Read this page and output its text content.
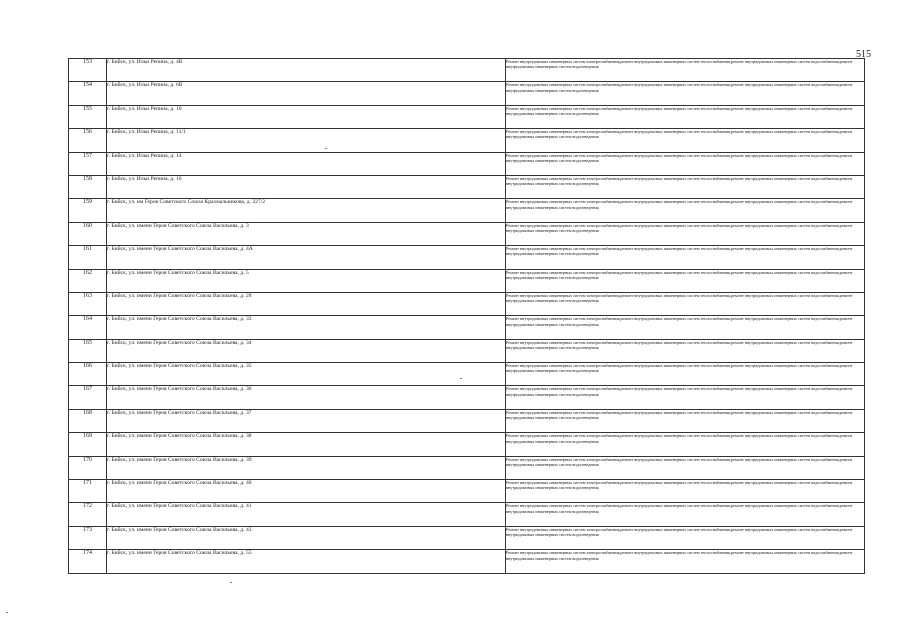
515
153	г. Бийск, ул. Ильи Репина, д. 4В	Ремонт внутридомовых инженерных систем электроснабжения,ремонт внутридомовых инженерных систем теплоснабжения,ремонт внутридомовых инженерных систем водоснабжения,ремонт внутридомовых инженерных систем водоотведения
154	г. Бийск, ул. Ильи Репина, д. 6В	Ремонт внутридомовых инженерных систем электроснабжения,ремонт внутридомовых инженерных систем теплоснабжения,ремонт внутридомовых инженерных систем водоснабжения,ремонт внутридомовых инженерных систем водоотведения
155	г. Бийск, ул. Ильи Репина, д. 10	Ремонт внутридомовых инженерных систем электроснабжения,ремонт внутридомовых инженерных систем теплоснабжения,ремонт внутридомовых инженерных систем водоснабжения,ремонт внутридомовых инженерных систем водоотведения
156	г. Бийск, ул. Ильи Репина, д. 11/1	Ремонт внутридомовых инженерных систем электроснабжения,ремонт внутридомовых инженерных систем теплоснабжения,ремонт внутридомовых инженерных систем водоснабжения,ремонт внутридомовых инженерных систем водоотведения
157	г. Бийск, ул. Ильи Репина, д. 14	Ремонт внутридомовых инженерных систем электроснабжения,ремонт внутридомовых инженерных систем теплоснабжения,ремонт внутридомовых инженерных систем водоснабжения,ремонт внутридомовых инженерных систем водоотведения
158	г. Бийск, ул. Ильи Репина, д. 16	Ремонт внутридомовых инженерных систем электроснабжения,ремонт внутридомовых инженерных систем теплоснабжения,ремонт внутридомовых инженерных систем водоснабжения,ремонт внутридомовых инженерных систем водоотведения
159	г. Бийск, ул. им Героя Советского Союза Крахмальникова, д. 227/2	Ремонт внутридомовых инженерных систем электроснабжения,ремонт внутридомовых инженерных систем теплоснабжения,ремонт внутридомовых инженерных систем водоснабжения,ремонт внутридомовых инженерных систем водоотведения
160	г. Бийск, ул. имени Героя Советского Союза Васильева, д. 3	Ремонт внутридомовых инженерных систем электроснабжения,ремонт внутридомовых инженерных систем теплоснабжения,ремонт внутридомовых инженерных систем водоснабжения,ремонт внутридомовых инженерных систем водоотведения
161	г. Бийск, ул. имени Героя Советского Союза Васильева, д. 4А	Ремонт внутридомовых инженерных систем электроснабжения,ремонт внутридомовых инженерных систем теплоснабжения,ремонт внутридомовых инженерных систем водоснабжения,ремонт внутридомовых инженерных систем водоотведения
162	г. Бийск, ул. имени Героя Советского Союза Васильева, д. 5	Ремонт внутридомовых инженерных систем электроснабжения,ремонт внутридомовых инженерных систем теплоснабжения,ремонт внутридомовых инженерных систем водоснабжения,ремонт внутридомовых инженерных систем водоотведения
163	г. Бийск, ул. имени Героя Советского Союза Васильева, д. 28	Ремонт внутридомовых инженерных систем электроснабжения,ремонт внутридомовых инженерных систем теплоснабжения,ремонт внутридомовых инженерных систем водоснабжения,ремонт внутридомовых инженерных систем водоотведения
164	г. Бийск, ул. имени Героя Советского Союза Васильева, д. 33	Ремонт внутридомовых инженерных систем электроснабжения,ремонт внутридомовых инженерных систем теплоснабжения,ремонт внутридомовых инженерных систем водоснабжения,ремонт внутридомовых инженерных систем водоотведения
165	г. Бийск, ул. имени Героя Советского Союза Васильева, д. 34	Ремонт внутридомовых инженерных систем электроснабжения,ремонт внутридомовых инженерных систем теплоснабжения,ремонт внутридомовых инженерных систем водоснабжения,ремонт внутридомовых инженерных систем водоотведения
166	г. Бийск, ул. имени Героя Советского Союза Васильева, д. 35	Ремонт внутридомовых инженерных систем электроснабжения,ремонт внутридомовых инженерных систем теплоснабжения,ремонт внутридомовых инженерных систем водоснабжения,ремонт внутридомовых инженерных систем водоотведения
167	г. Бийск, ул. имени Героя Советского Союза Васильева, д. 36	Ремонт внутридомовых инженерных систем электроснабжения,ремонт внутридомовых инженерных систем теплоснабжения,ремонт внутридомовых инженерных систем водоснабжения,ремонт внутридомовых инженерных систем водоотведения
168	г. Бийск, ул. имени Героя Советского Союза Васильева, д. 37	Ремонт внутридомовых инженерных систем электроснабжения,ремонт внутридомовых инженерных систем теплоснабжения,ремонт внутридомовых инженерных систем водоснабжения,ремонт внутридомовых инженерных систем водоотведения
169	г. Бийск, ул. имени Героя Советского Союза Васильева, д. 38	Ремонт внутридомовых инженерных систем электроснабжения,ремонт внутридомовых инженерных систем теплоснабжения,ремонт внутридомовых инженерных систем водоснабжения,ремонт внутридомовых инженерных систем водоотведения
170	г. Бийск, ул. имени Героя Советского Союза Васильева, д. 39	Ремонт внутридомовых инженерных систем электроснабжения,ремонт внутридомовых инженерных систем теплоснабжения,ремонт внутридомовых инженерных систем водоснабжения,ремонт внутридомовых инженерных систем водоотведения
171	г. Бийск, ул. имени Героя Советского Союза Васильева, д. 40	Ремонт внутридомовых инженерных систем электроснабжения,ремонт внутридомовых инженерных систем теплоснабжения,ремонт внутридомовых инженерных систем водоснабжения,ремонт внутридомовых инженерных систем водоотведения
172	г. Бийск, ул. имени Героя Советского Союза Васильева, д. 41	Ремонт внутридомовых инженерных систем электроснабжения,ремонт внутридомовых инженерных систем теплоснабжения,ремонт внутридомовых инженерных систем водоснабжения,ремонт внутридомовых инженерных систем водоотведения
173	г. Бийск, ул. имени Героя Советского Союза Васильева, д. 43	Ремонт внутридомовых инженерных систем электроснабжения,ремонт внутридомовых инженерных систем теплоснабжения,ремонт внутридомовых инженерных систем водоснабжения,ремонт внутридомовых инженерных систем водоотведения
174	г. Бийск, ул. имени Героя Советского Союза Васильева, д. 55	Ремонт внутридомовых инженерных систем электроснабжения,ремонт внутридомовых инженерных систем теплоснабжения,ремонт внутридомовых инженерных систем водоснабжения,ремонт внутридомовых инженерных систем водоотведения
